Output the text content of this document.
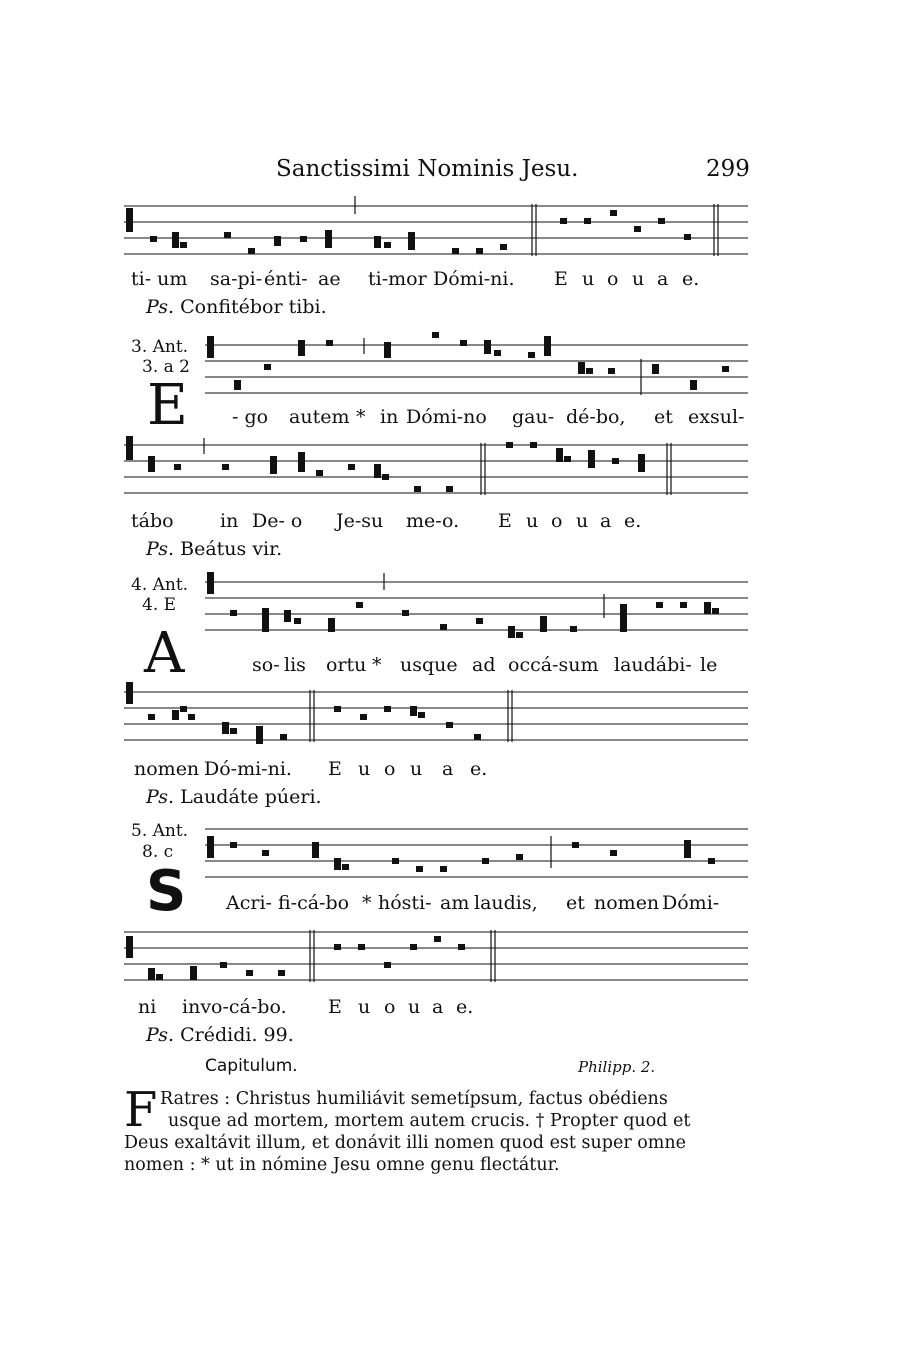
Sanctissimi Nominis Jesu.	299
ti- um sa-pi- énti- ae ti-mor Dómi-ni. E u o u a e.
Ps. Confitébor tibi.
3. Ant.
3. a 2
E - go autem * in Dómi-no gau- dé-bo, et exsul-
tábo in De- o Je-su me- o. E u o u a e.
Ps. Beátus vir.
4. Ant.
4. E
A	so- lis ortu * usque ad occá-sum laudábi- le
nomen Dó-mi-ni. E u o u a e.
Ps. Laudáte púeri.
5. Ant.
8. c
S Acri- fi-cá-bo * hósti- am laudis, et nomen Dómi-
ni invo-cá-bo. E u o u a e.
Ps. Crédidi. 99.
Capitulum.	Philipp. 2.
F Ratres : Christus humiliávit semetípsum, factus obédiens
usque ad mortem, mortem autem crucis. † Propter quod et
Deus exaltávit illum, et donávit illi nomen quod est super omne
nomen : * ut in nómine Jesu omne genu flectátur.
